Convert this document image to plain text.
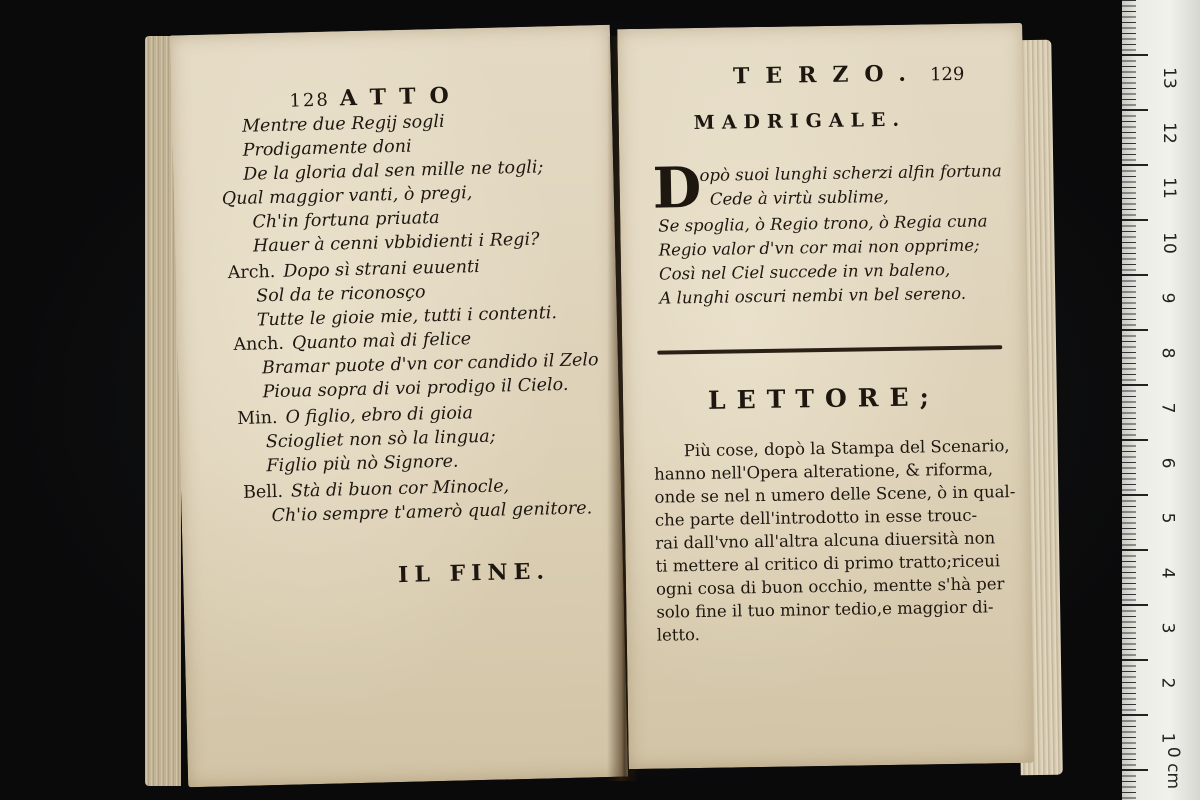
128 ATTO
Mentre due Regij sogli
Prodigamente doni
De la gloria dal sen mille ne togli;
Qual maggior vanti, ò pregi,
Ch'in fortuna priuata
Hauer à cenni vbbidienti i Regi?
Arch. Dopo sì strani euuenti
Sol da te riconosço
Tutte le gioie mie, tutti i contenti.
Anch. Quanto maì di felice
Bramar puote d'vn cor candido il Zelo
Pioua sopra di voi prodigo il Cielo.
Min. O figlio, ebro di gioia
Sciogliet non sò la lingua;
Figlio più nò Signore.
Bell. Stà di buon cor Minocle,
Ch'io sempre t'amerò qual genitore.
IL FINE.
TERZO. 129
MADRIGALE.
D
opò suoi lunghi scherzi alfin fortuna
Cede à virtù sublime,
Se spoglia, ò Regio trono, ò Regia cuna
Regio valor d'vn cor mai non opprime;
Così nel Ciel succede in vn baleno,
A lunghi oscuri nembi vn bel sereno.
LETTORE;
Più cose, dopò la Stampa del Scenario,
hanno nell'Opera alteratione, & riforma,
onde se nel n umero delle Scene, ò in qual-
che parte dell'introdotto in esse trouc-
rai dall'vno all'altra alcuna diuersità non
ti mettere al critico di primo tratto;riceui
ogni cosa di buon occhio, mentte s'hà per
solo fine il tuo minor tedio,e maggior di-
letto.
0 cm
1
2
3
4
5
6
7
8
9
10
11
12
13
